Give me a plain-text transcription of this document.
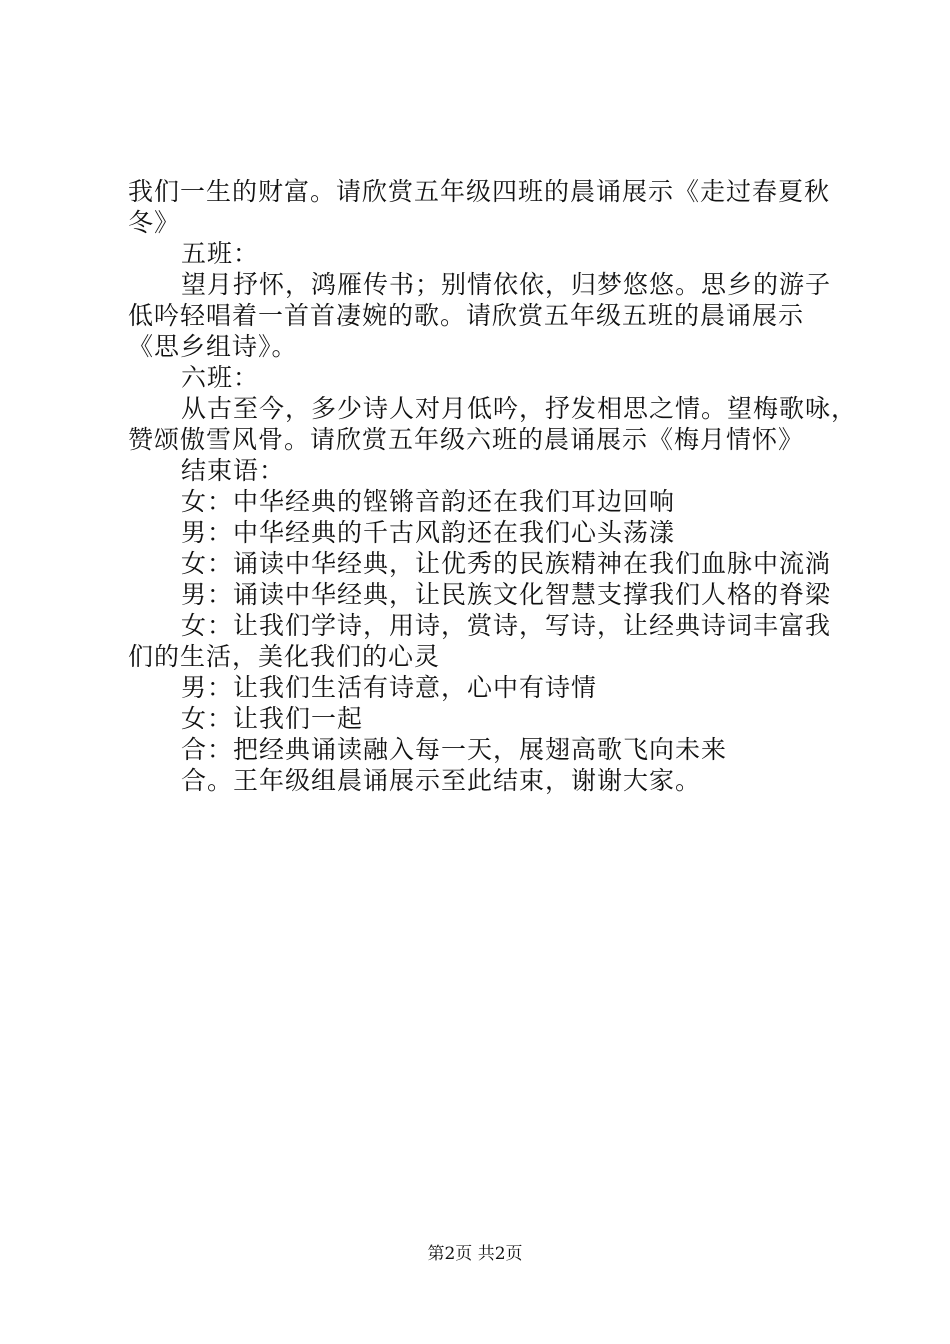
我们一生的财富。请欣赏五年级四班的晨诵展示《走过春夏秋
冬》
五班：
望月抒怀，鸿雁传书；别情依依，归梦悠悠。思乡的游子
低吟轻唱着一首首凄婉的歌。请欣赏五年级五班的晨诵展示
《思乡组诗》。
六班：
从古至今，多少诗人对月低吟，抒发相思之情。望梅歌咏，
赞颂傲雪风骨。请欣赏五年级六班的晨诵展示《梅月情怀》
结束语：
女：中华经典的铿锵音韵还在我们耳边回响
男：中华经典的千古风韵还在我们心头荡漾
女：诵读中华经典，让优秀的民族精神在我们血脉中流淌
男：诵读中华经典，让民族文化智慧支撑我们人格的脊梁
女：让我们学诗，用诗，赏诗，写诗，让经典诗词丰富我
们的生活，美化我们的心灵
男：让我们生活有诗意，心中有诗情
女：让我们一起
合：把经典诵读融入每一天，展翅高歌飞向未来
合。王年级组晨诵展示至此结束，谢谢大家。
第2页 共2页
